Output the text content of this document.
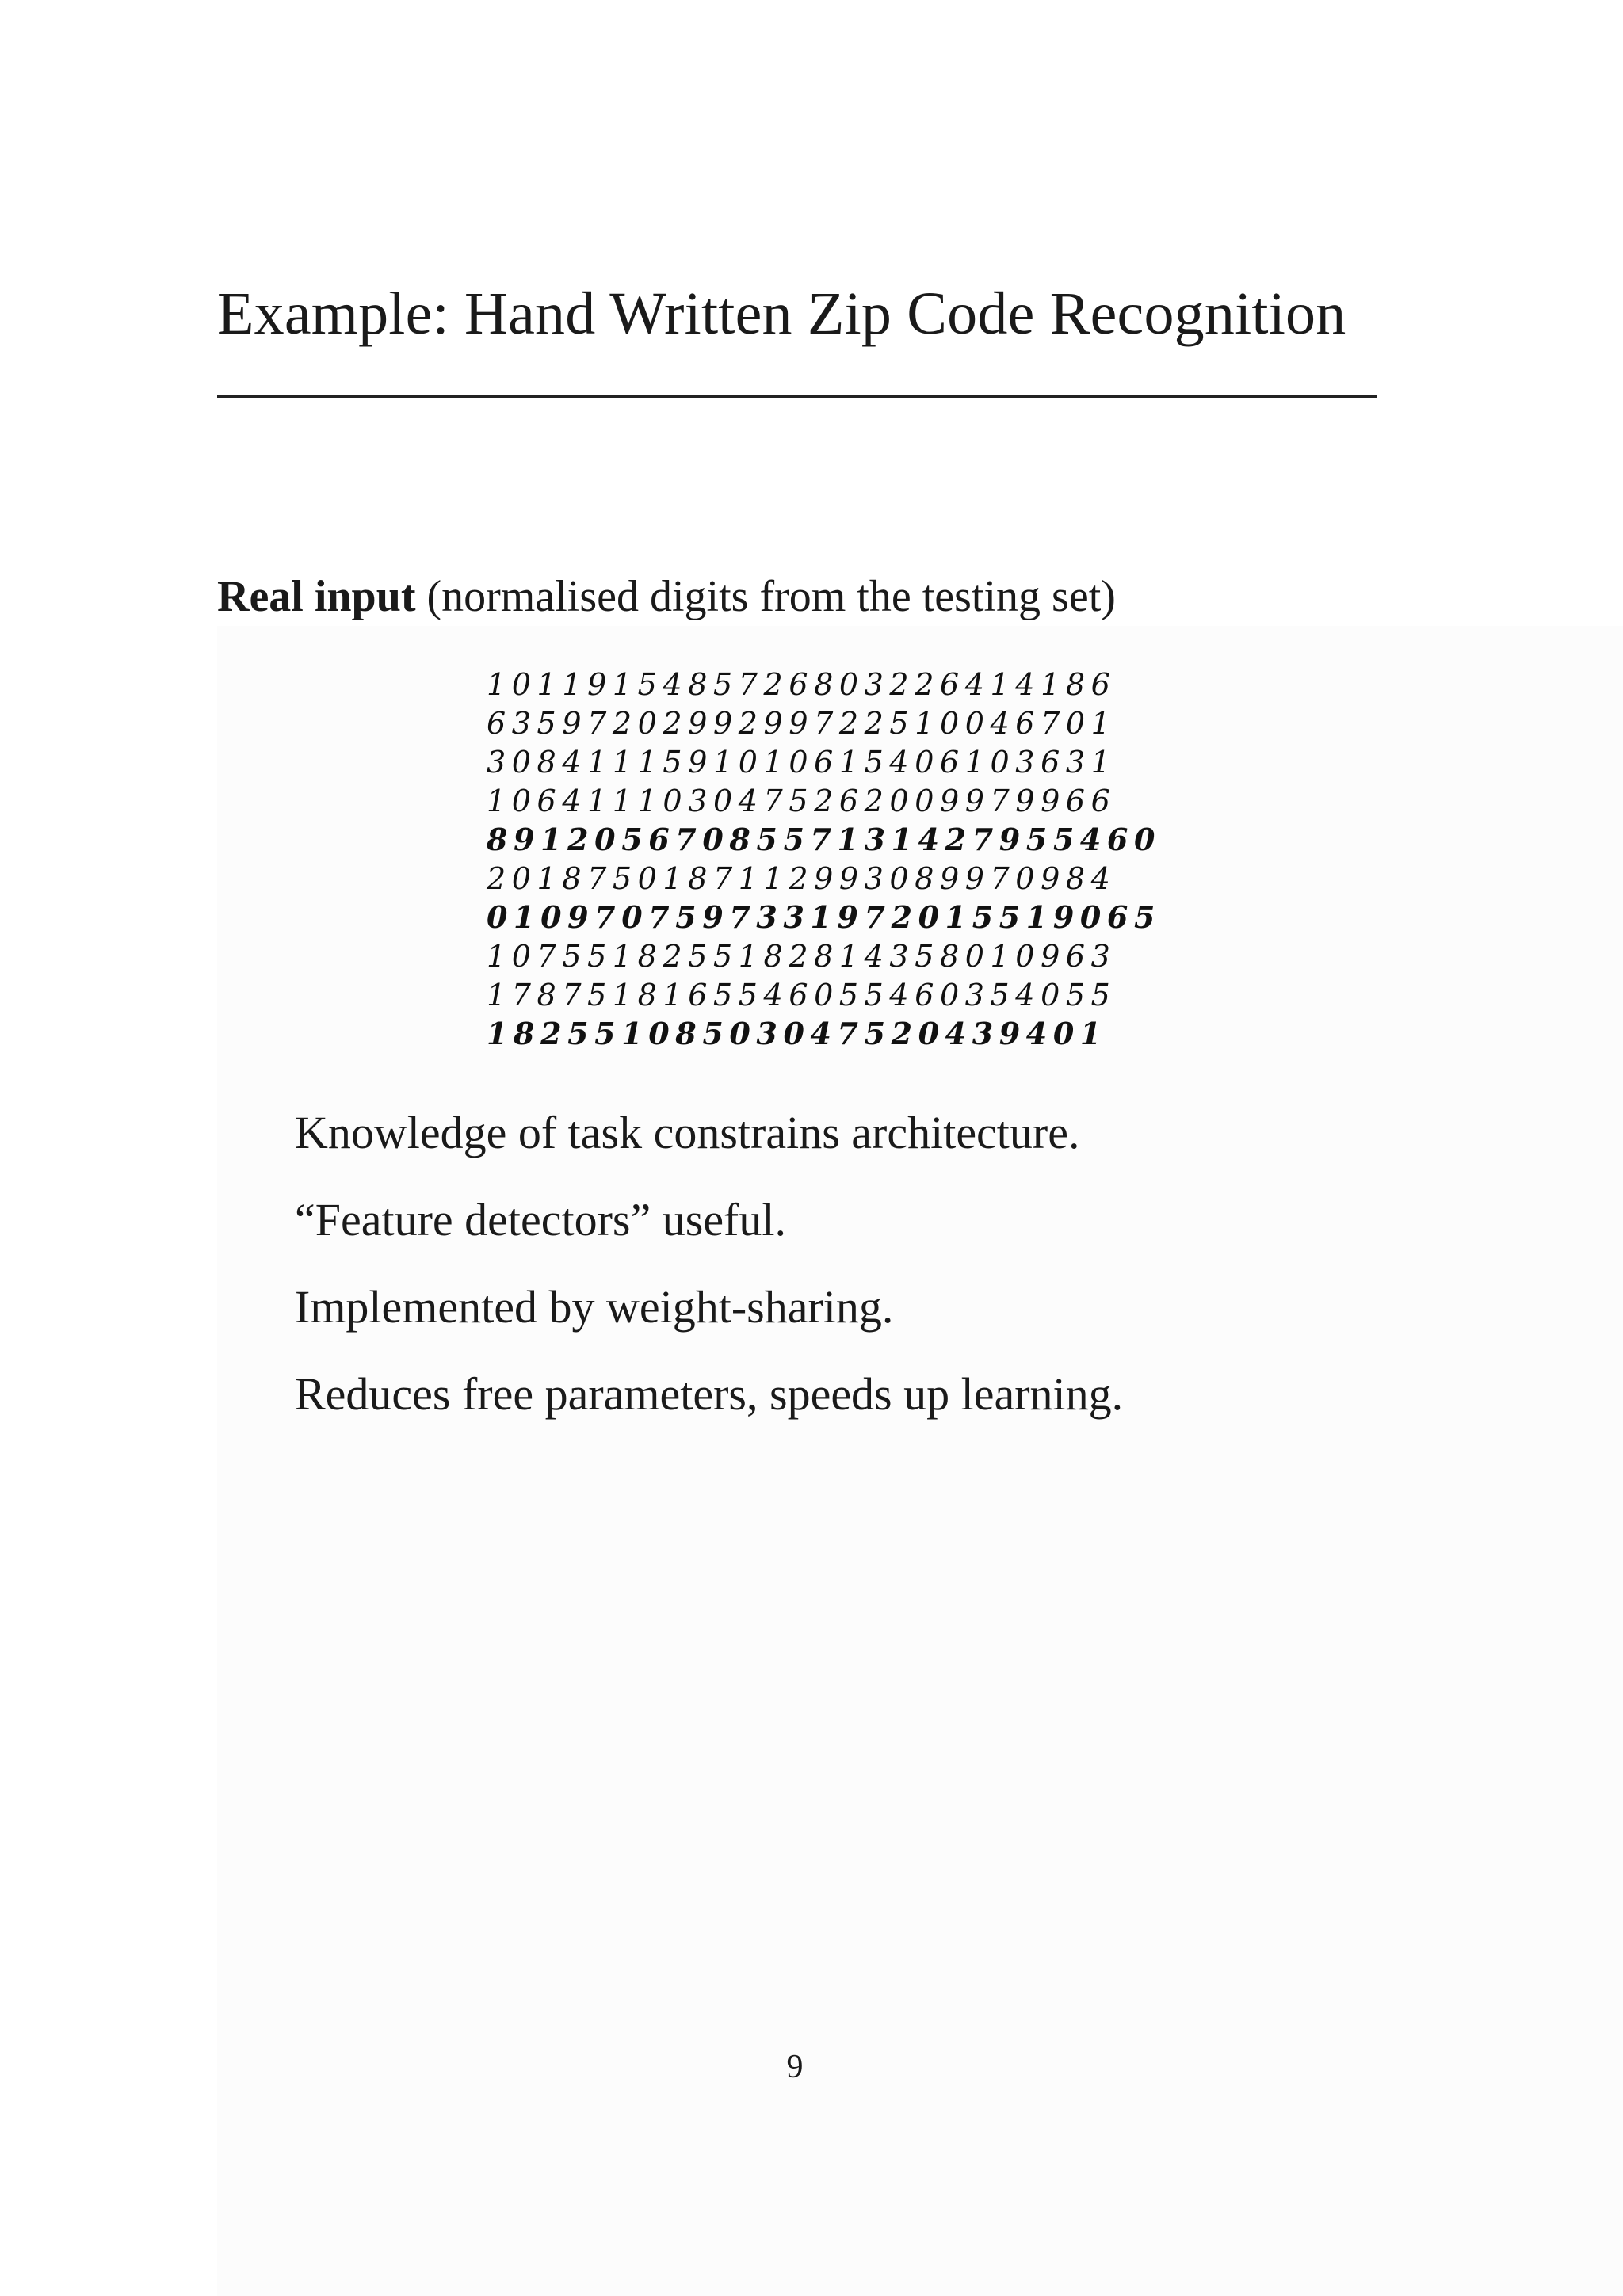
Example: Hand Written Zip Code Recognition

Real input (normalised digits from the testing set)

1011915485726803226414186
6359720299299722510046701
3084111591010615406103631
1064111030475262009979966
8912056708557131427955460
2018750187112993089970984
0109707597331972015519065
1075518255182814358010963
1787518165546055460354055
18255108503047520439401
Knowledge of task constrains architecture.
“Feature detectors” useful.
Implemented by weight-sharing.
Reduces free parameters, speeds up learning.
9
